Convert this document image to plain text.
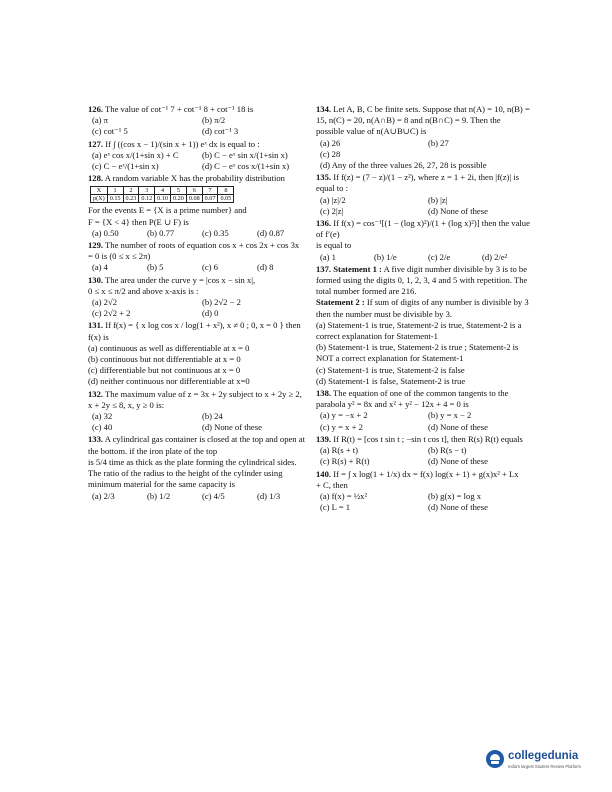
126. The value of cot⁻¹ 7 + cot⁻¹ 8 + cot⁻¹ 18 is
(a) π	(b) π/2
(c) cot⁻¹ 5	(d) cot⁻¹ 3
127. If ∫ ((cos x − 1)/(sin x + 1)) eˣ dx is equal to :
(a) eˣ cos x/(1+sin x) + C	(b) C − eˣ sin x/(1+sin x)
(c) C − eˣ/(1+sin x)	(d) C − eˣ cos x/(1+sin x)
128. A random variable X has the probability distribution
X	1	2	3	4	5	6	7	8
p(X)	0.15	0.23	0.12	0.10	0.20	0.08	0.07	0.05
For the events E = {X is a prime number} and
F = {X < 4} then P(E ∪ F) is
(a) 0.50	(b) 0.77	(c) 0.35	(d) 0.87
129. The number of roots of equation cos x + cos 2x + cos 3x = 0 is (0 ≤ x ≤ 2π)
(a) 4	(b) 5	(c) 6	(d) 8
130. The area under the curve y = |cos x − sin x|,
0 ≤ x ≤ π/2 and above x-axis is :
(a) 2√2	(b) 2√2 − 2
(c) 2√2 + 2	(d) 0
131. If f(x) = { x log cos x / log(1 + x²), x ≠ 0 ; 0, x = 0 } then f(x) is
(a) continuous as well as differentiable at x = 0
(b) continuous but not differentiable at x = 0
(c) differentiable but not continuous at x = 0
(d) neither continuous nor differentiable at x=0
132. The maximum value of z = 3x + 2y subject to x + 2y ≥ 2, x + 2y ≤ 8, x, y ≥ 0 is:
(a) 32	(b) 24
(c) 40	(d) None of these
133. A cylindrical gas container is closed at the top and open at the bottom. if the iron plate of the top
is 5/4 time as thick as the plate forming the cylindrical sides. The ratio of the radius to the height of the cylinder using minimum material for the same capacity is
(a) 2/3	(b) 1/2	(c) 4/5	(d) 1/3
134. Let A, B, C be finite sets. Suppose that n(A) = 10, n(B) = 15, n(C) = 20, n(A∩B) = 8 and n(B∩C) = 9. Then the possible value of n(A∪B∪C) is
(a) 26	(b) 27
(c) 28
(d) Any of the three values 26, 27, 28 is possible
135. If f(z) = (7 − z)/(1 − z²), where z = 1 + 2i, then |f(z)| is equal to :
(a) |z|/2	(b) |z|
(c) 2|z|	(d) None of these
136. If f(x) = cos⁻¹[(1 − (log x)²)/(1 + (log x)²)] then the value of f′(e)
is equal to
(a) 1	(b) 1/e	(c) 2/e	(d) 2/e²
137. Statement 1 : A five digit number divisible by 3 is to be formed using the digits 0, 1, 2, 3, 4 and 5 with repetition. The total number formed are 216.
Statement 2 : If sum of digits of any number is divisible by 3 then the number must be divisible by 3.
(a) Statement-1 is true, Statement-2 is true, Statement-2 is a correct explanation for Statement-1
(b) Statement-1 is true, Statement-2 is true ; Statement-2 is NOT a correct explanation for Statement-1
(c) Statement-1 is true, Statement-2 is false
(d) Statement-1 is false, Statement-2 is true
138. The equation of one of the common tangents to the parabola y² = 8x and x² + y² − 12x + 4 = 0 is
(a) y = −x + 2	(b) y = x − 2
(c) y = x + 2	(d) None of these
139. If R(t) = [cos t sin t ; −sin t cos t], then R(s) R(t) equals
(a) R(s + t)	(b) R(s − t)
(c) R(s) + R(t)	(d) None of these
140. If = ∫ x log(1 + 1/x) dx = f(x) log(x + 1) + g(x)x² + Lx
+ C, then
(a) f(x) = ½x²	(b) g(x) = log x
(c) L = 1	(d) None of these
collegedunia
India's largest Student Review Platform
